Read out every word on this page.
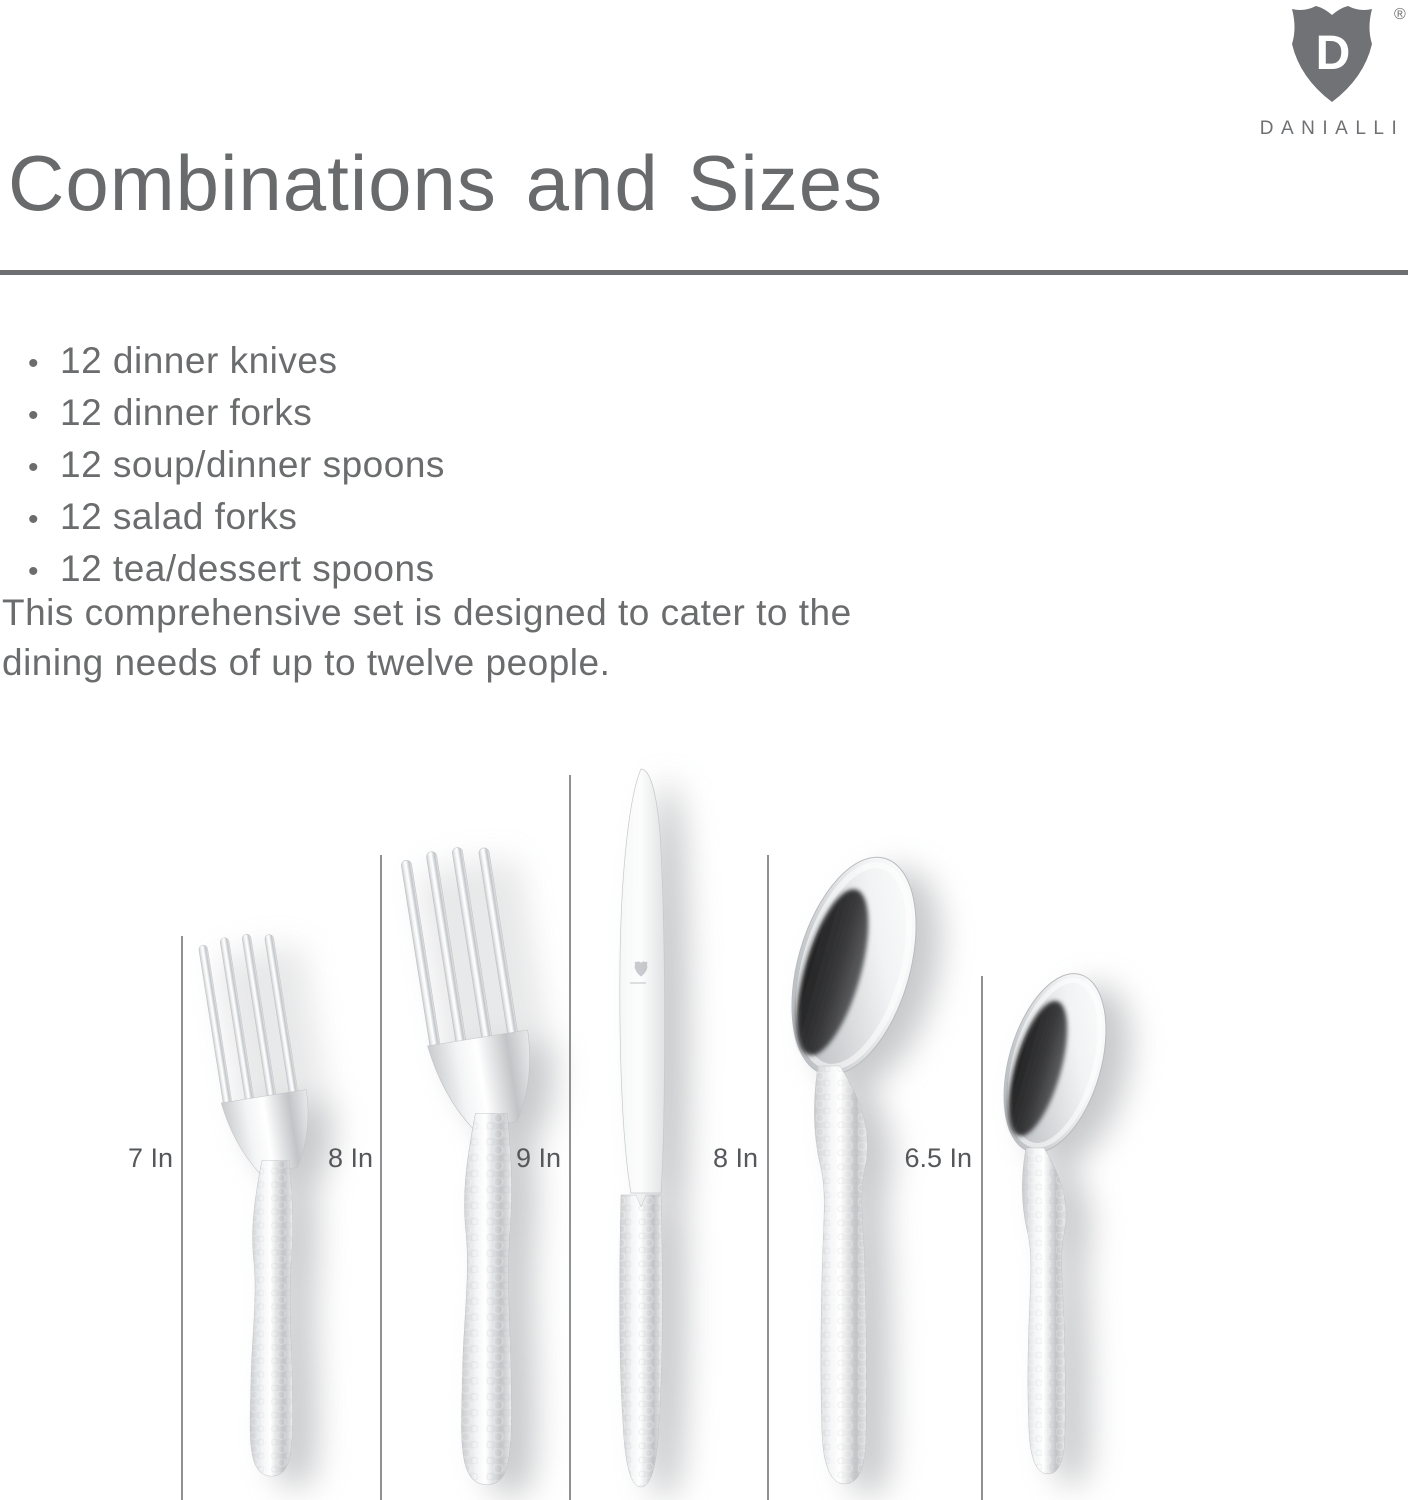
D
DANIALLI
®
Combinations and Sizes
• 12 dinner knives
• 12 dinner forks
• 12 soup/dinner spoons
• 12 salad forks
• 12 tea/dessert spoons
This comprehensive set is designed to cater to the
dining needs of up to twelve people.
7 In	8 In	9 In	8 In	6.5 In
